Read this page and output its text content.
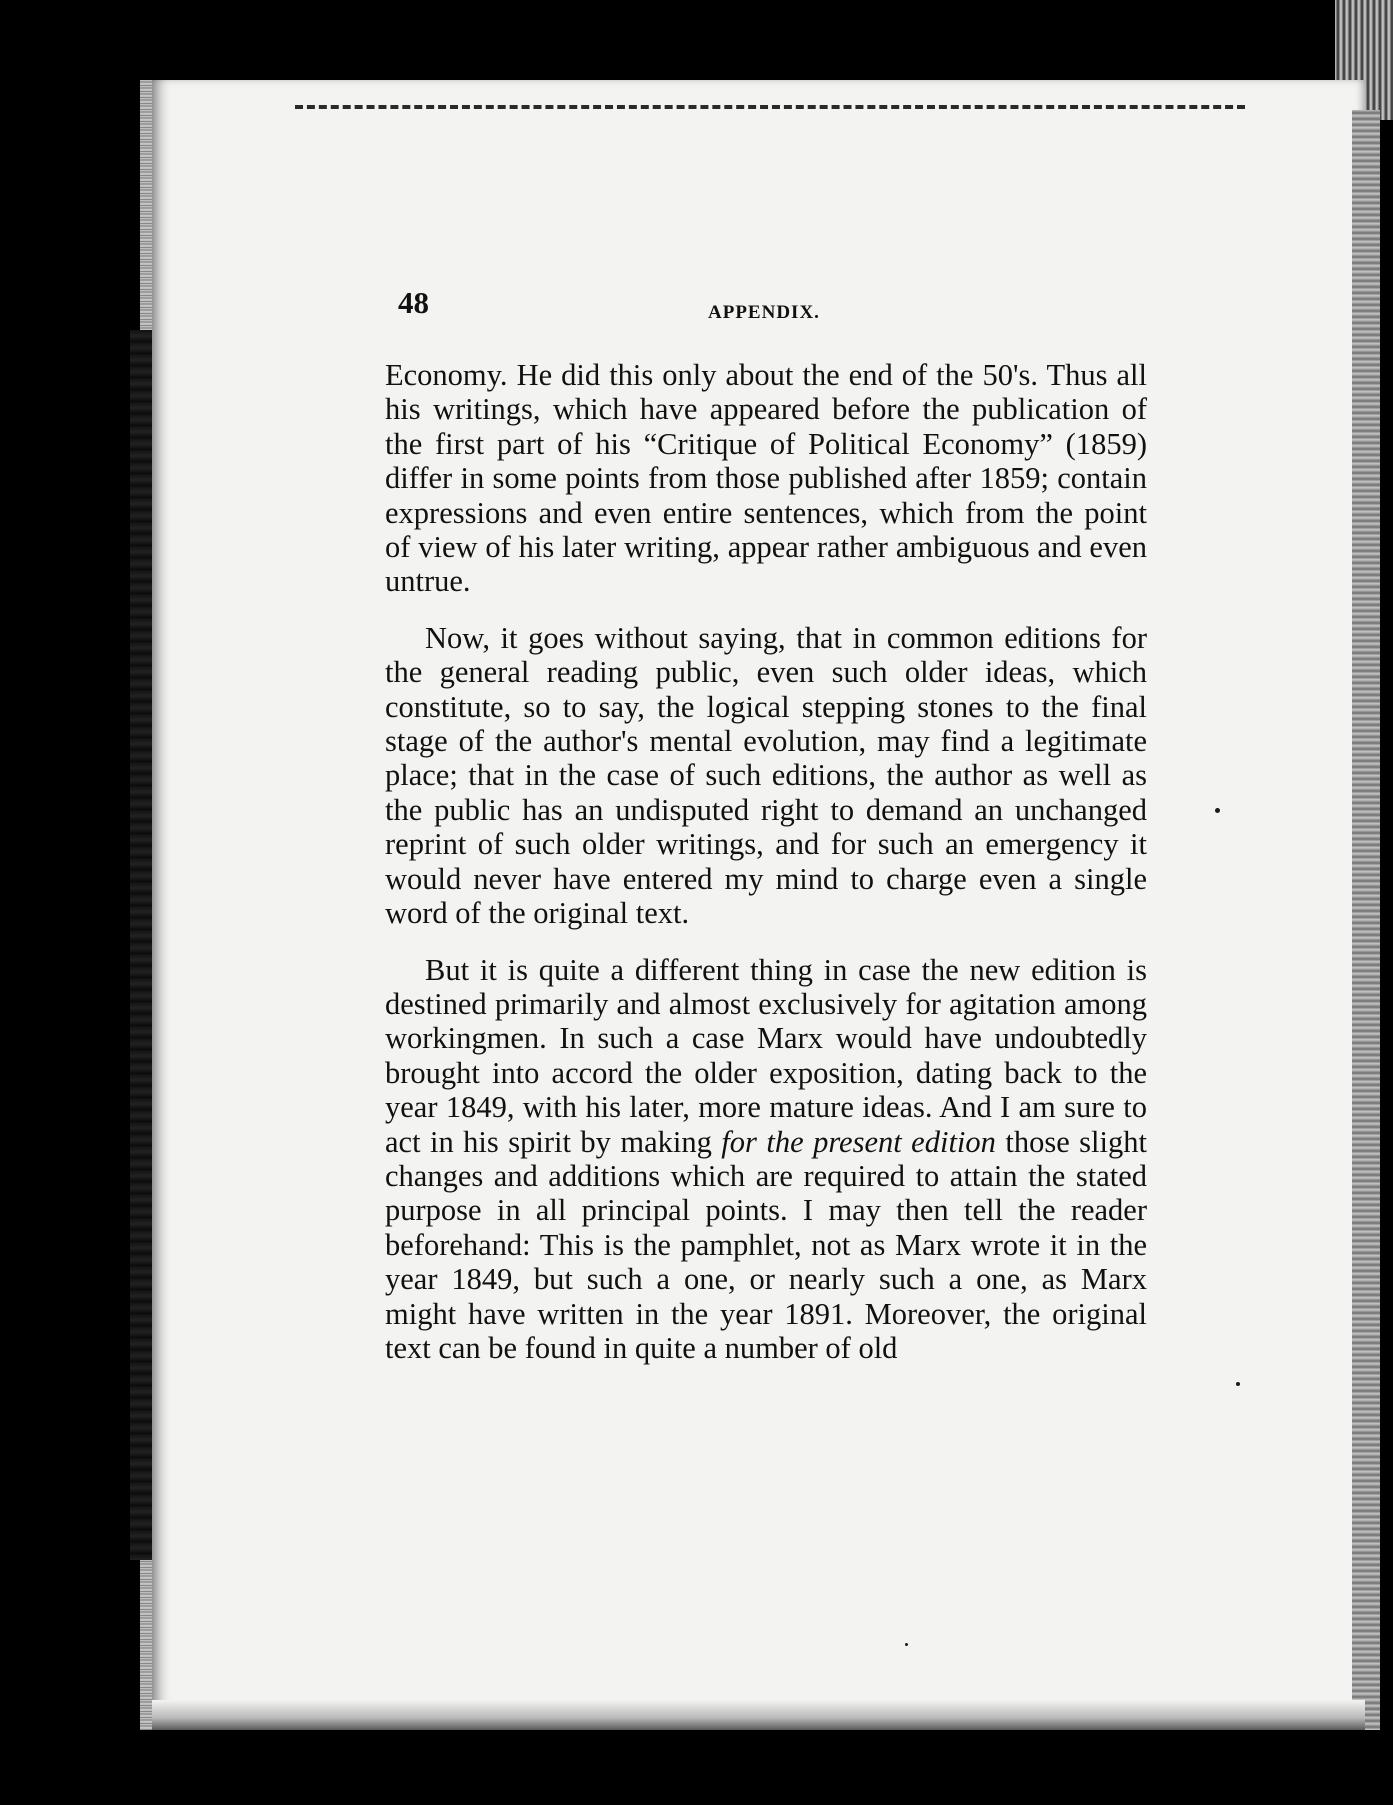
48	APPENDIX.

Economy. He did this only about the end of the 50's. Thus all his writings, which have appeared before the publication of the first part of his “Critique of Political Economy” (1859) differ in some points from those published after 1859; contain expressions and even entire sentences, which from the point of view of his later writing, appear rather ambiguous and even untrue.

Now, it goes without saying, that in common editions for the general reading public, even such older ideas, which constitute, so to say, the logical stepping stones to the final stage of the author's mental evolution, may find a legitimate place; that in the case of such editions, the author as well as the public has an undisputed right to demand an unchanged reprint of such older writings, and for such an emergency it would never have entered my mind to charge even a single word of the original text.

But it is quite a different thing in case the new edition is destined primarily and almost exclusively for agitation among workingmen. In such a case Marx would have undoubtedly brought into accord the older exposition, dating back to the year 1849, with his later, more mature ideas. And I am sure to act in his spirit by making for the present edition those slight changes and additions which are required to attain the stated purpose in all principal points. I may then tell the reader beforehand: This is the pamphlet, not as Marx wrote it in the year 1849, but such a one, or nearly such a one, as Marx might have written in the year 1891. Moreover, the original text can be found in quite a number of old
